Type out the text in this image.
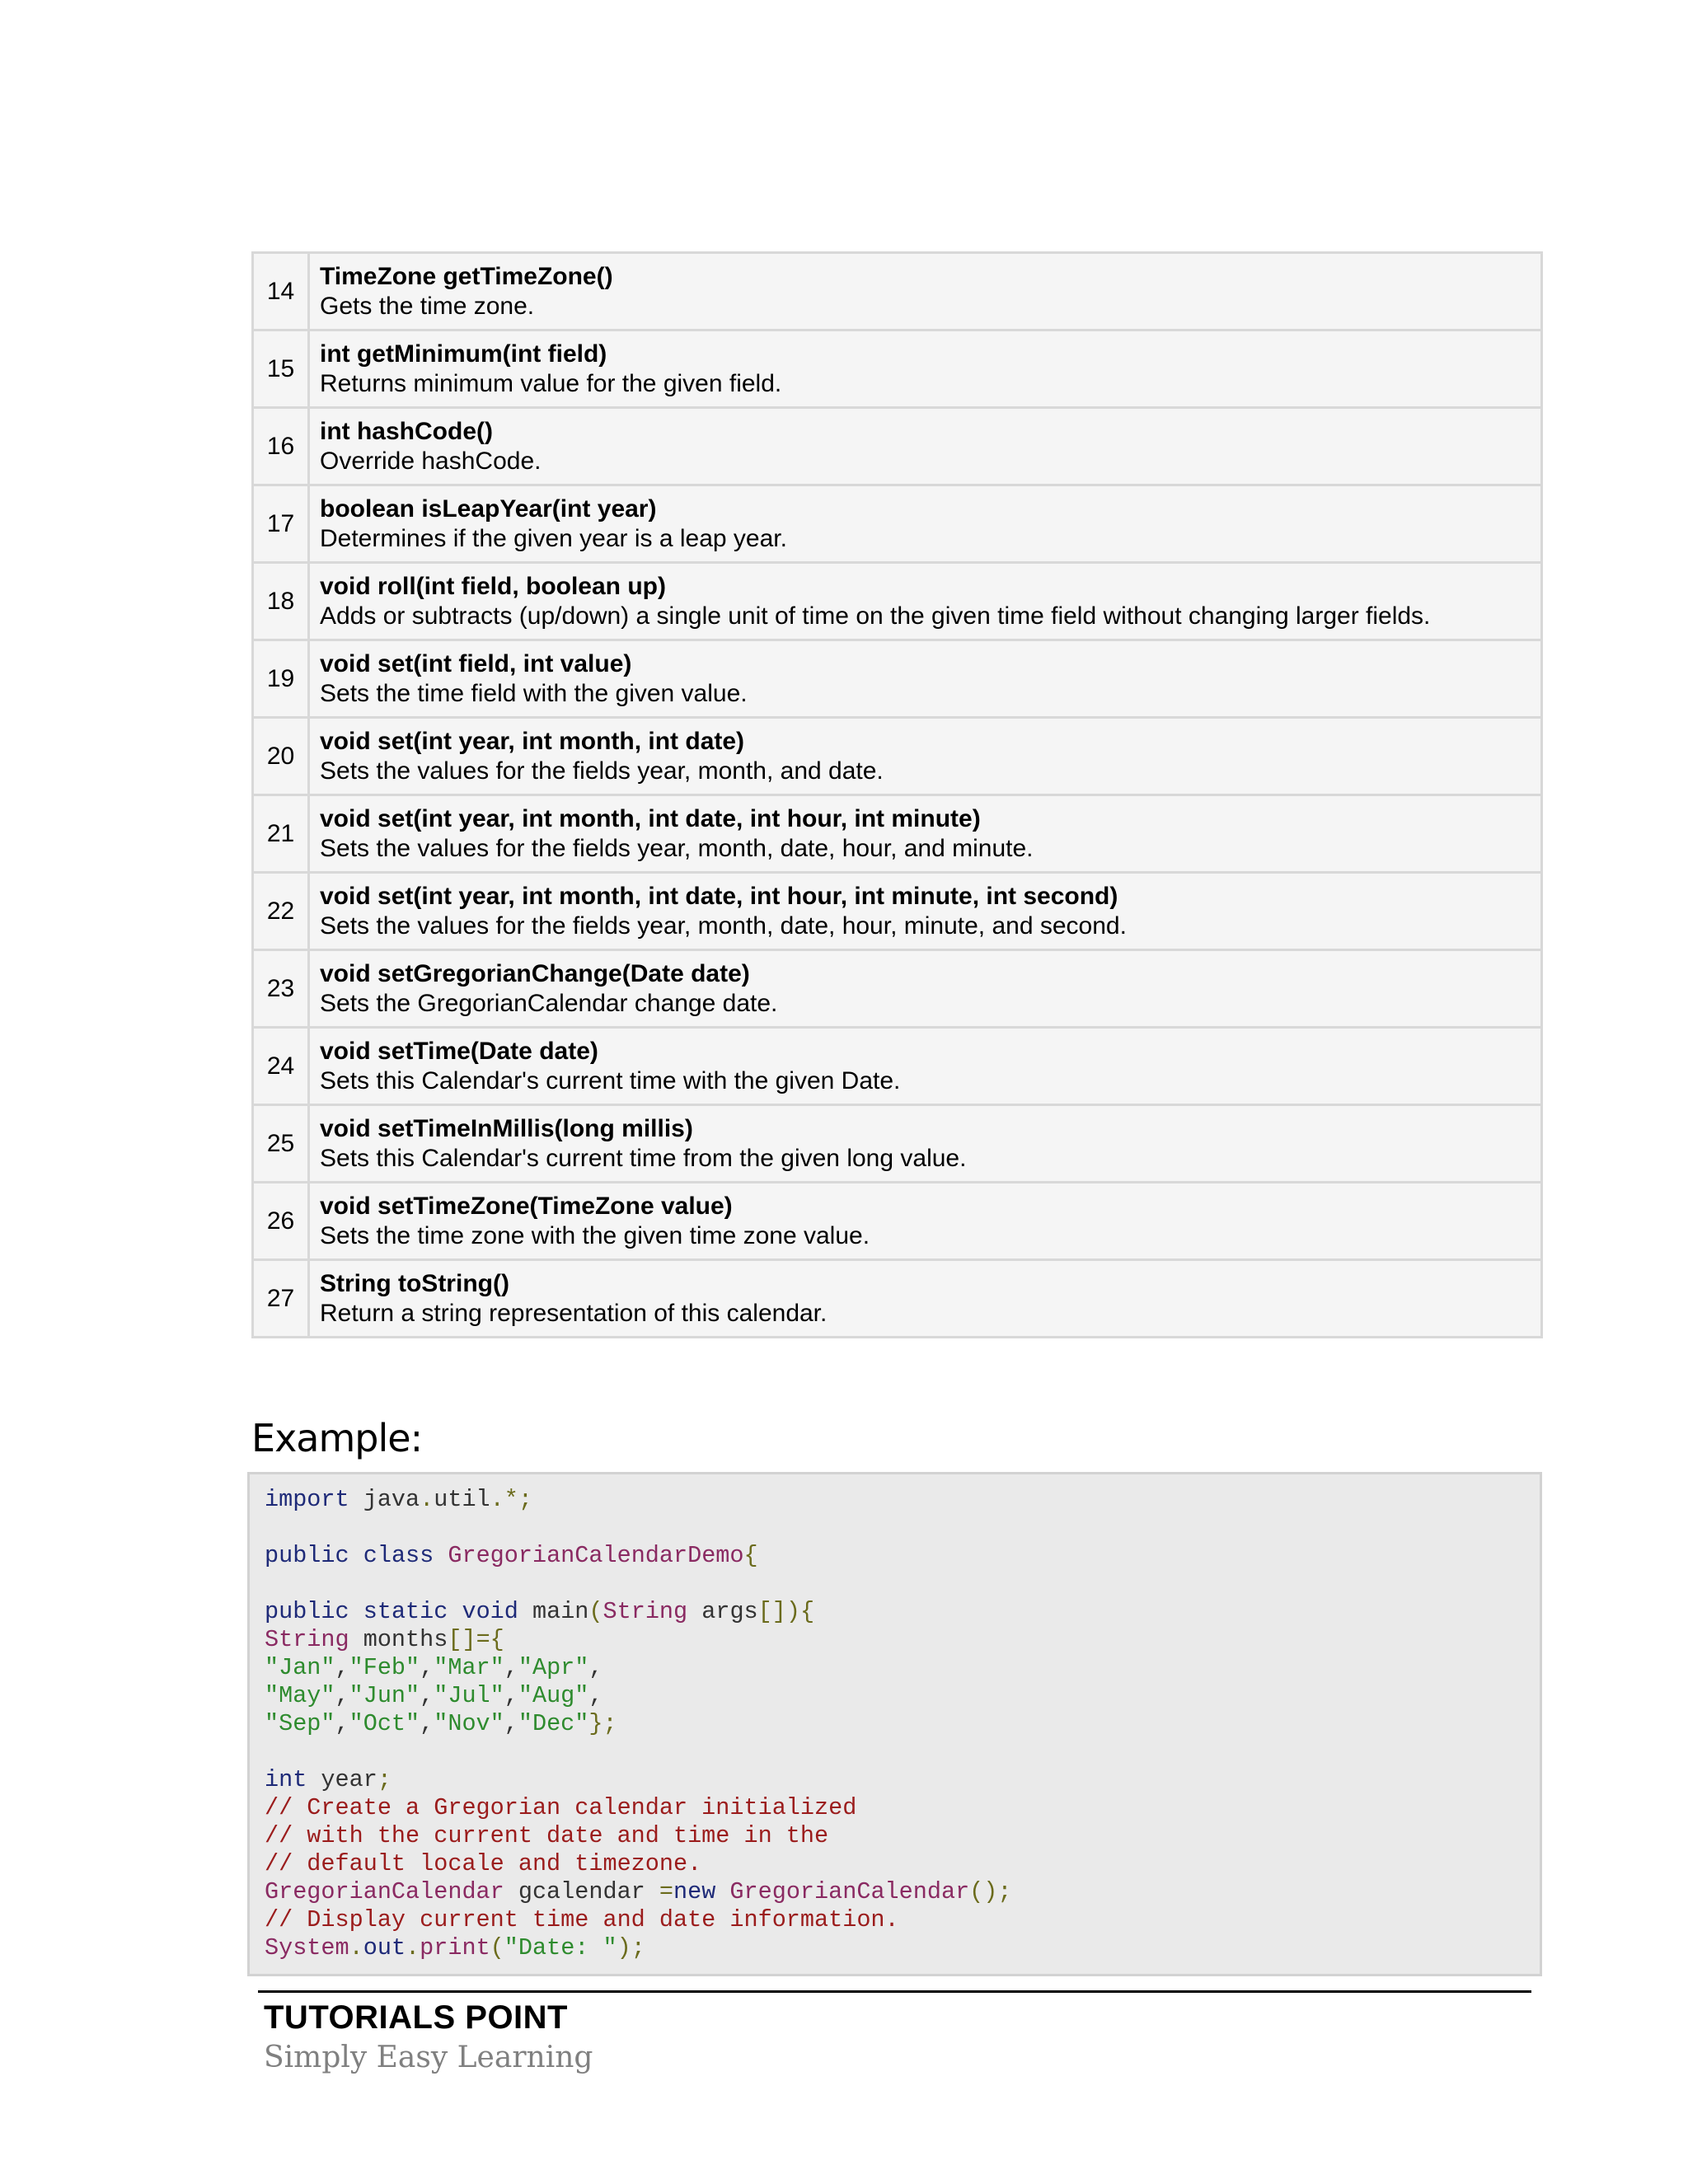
14	TimeZone getTimeZone()
Gets the time zone.

15	int getMinimum(int field)
Returns minimum value for the given field.

16	int hashCode()
Override hashCode.

17	boolean isLeapYear(int year)
Determines if the given year is a leap year.

18	void roll(int field, boolean up)
Adds or subtracts (up/down) a single unit of time on the given time field without changing larger fields.

19	void set(int field, int value)
Sets the time field with the given value.

20	void set(int year, int month, int date)
Sets the values for the fields year, month, and date.

21	void set(int year, int month, int date, int hour, int minute)
Sets the values for the fields year, month, date, hour, and minute.

22	void set(int year, int month, int date, int hour, int minute, int second)
Sets the values for the fields year, month, date, hour, minute, and second.

23	void setGregorianChange(Date date)
Sets the GregorianCalendar change date.

24	void setTime(Date date)
Sets this Calendar's current time with the given Date.

25	void setTimeInMillis(long millis)
Sets this Calendar's current time from the given long value.

26	void setTimeZone(TimeZone value)
Sets the time zone with the given time zone value.

27	String toString()
Return a string representation of this calendar.
Example:
import java.util.*;
public class GregorianCalendarDemo{
public static void main(String args[]){
String months[]={
"Jan","Feb","Mar","Apr",
"May","Jun","Jul","Aug",
"Sep","Oct","Nov","Dec"};
int year;
// Create a Gregorian calendar initialized
// with the current date and time in the
// default locale and timezone.
GregorianCalendar gcalendar =new GregorianCalendar();
// Display current time and date information.
System.out.print("Date: ");
TUTORIALS POINT
Simply Easy Learning
